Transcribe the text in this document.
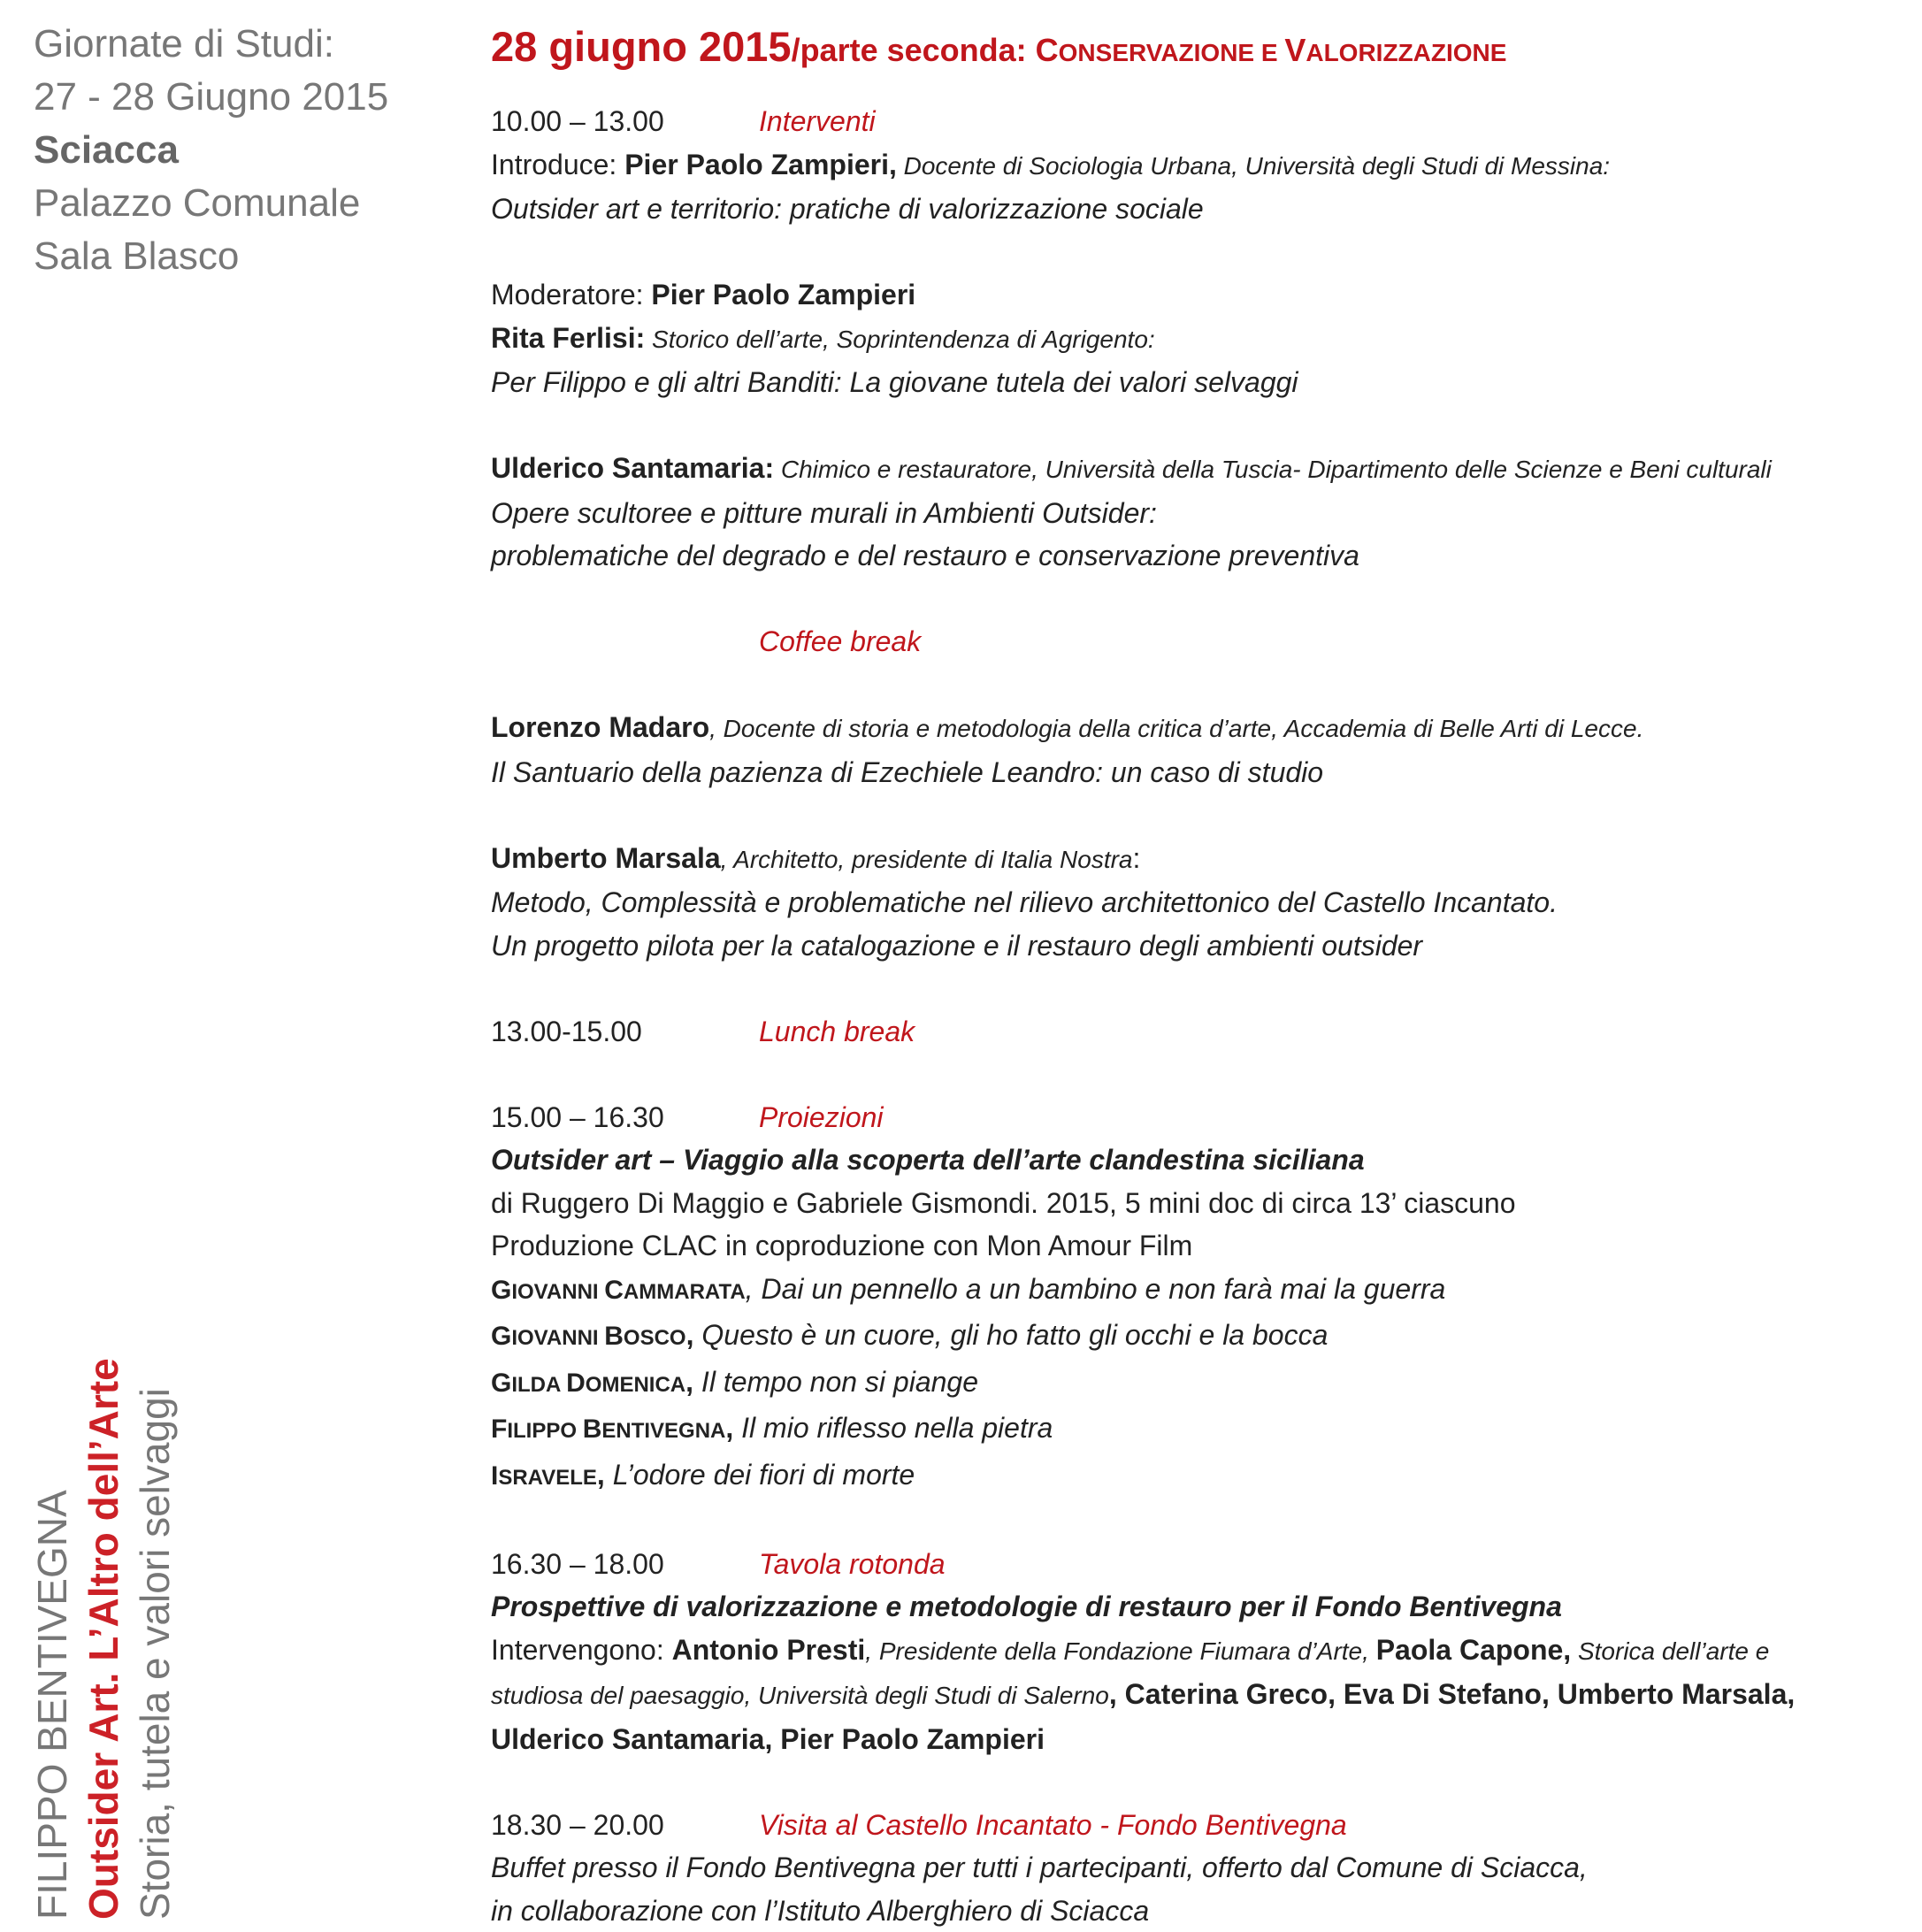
Giornate di Studi:
27 - 28 Giugno 2015
Sciacca
Palazzo Comunale
Sala Blasco
FILIPPO BENTIVEGNA Outsider Art. L’Altro dell’Arte Storia, tutela e valori selvaggi
28 giugno 2015/parte seconda: CONSERVAZIONE E VALORIZZAZIONE
10.00 – 13.00	Interventi
Introduce: Pier Paolo Zampieri, Docente di Sociologia Urbana, Università degli Studi di Messina:
Outsider art e territorio: pratiche di valorizzazione sociale
Moderatore: Pier Paolo Zampieri
Rita Ferlisi: Storico dell’arte, Soprintendenza di Agrigento:
Per Filippo e gli altri Banditi: La giovane tutela dei valori selvaggi
Ulderico Santamaria: Chimico e restauratore, Università della Tuscia- Dipartimento delle Scienze e Beni culturali
Opere scultoree e pitture murali in Ambienti Outsider:
problematiche del degrado e del restauro e conservazione preventiva
Coffee break
Lorenzo Madaro, Docente di storia e metodologia della critica d’arte, Accademia di Belle Arti di Lecce.
Il Santuario della pazienza di Ezechiele Leandro: un caso di studio
Umberto Marsala, Architetto, presidente di Italia Nostra:
Metodo, Complessità e problematiche nel rilievo architettonico del Castello Incantato.
Un progetto pilota per la catalogazione e il restauro degli ambienti outsider
13.00-15.00	Lunch break
15.00 – 16.30	Proiezioni
Outsider art – Viaggio alla scoperta dell’arte clandestina siciliana
di Ruggero Di Maggio e Gabriele Gismondi. 2015, 5 mini doc di circa 13’ ciascuno
Produzione CLAC in coproduzione con Mon Amour Film
GIOVANNI CAMMARATA, Dai un pennello a un bambino e non farà mai la guerra
GIOVANNI BOSCO, Questo è un cuore, gli ho fatto gli occhi e la bocca
GILDA DOMENICA, Il tempo non si piange
FILIPPO BENTIVEGNA, Il mio riflesso nella pietra
ISRAVELE, L’odore dei fiori di morte
16.30 – 18.00	Tavola rotonda
Prospettive di valorizzazione e metodologie di restauro per il Fondo Bentivegna
Intervengono: Antonio Presti, Presidente della Fondazione Fiumara d’Arte, Paola Capone, Storica dell’arte e
studiosa del paesaggio, Università degli Studi di Salerno, Caterina Greco, Eva Di Stefano, Umberto Marsala,
Ulderico Santamaria, Pier Paolo Zampieri
18.30 – 20.00	Visita al Castello Incantato - Fondo Bentivegna
Buffet presso il Fondo Bentivegna per tutti i partecipanti, offerto dal Comune di Sciacca,
in collaborazione con l’Istituto Alberghiero di Sciacca
